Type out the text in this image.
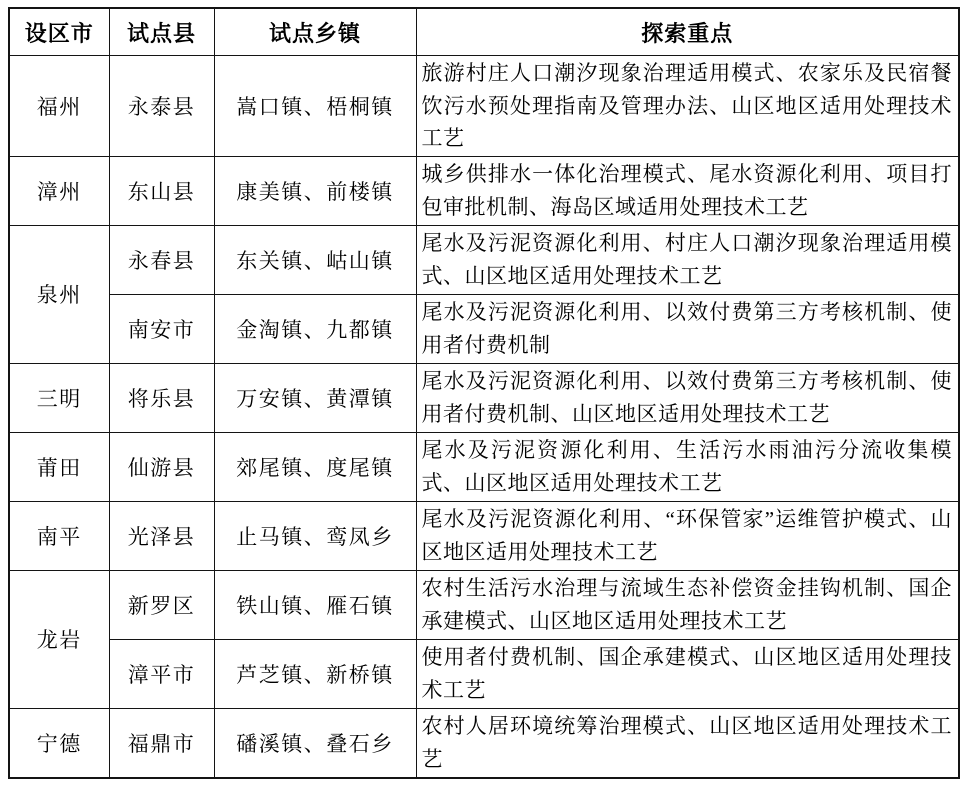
设区市	试点县	试点乡镇	探索重点
福州	永泰县	嵩口镇、梧桐镇	旅游村庄人口潮汐现象治理适用模式、农家乐及民宿餐饮污水预处理指南及管理办法、山区地区适用处理技术工艺
漳州	东山县	康美镇、前楼镇	城乡供排水一体化治理模式、尾水资源化利用、项目打包审批机制、海岛区域适用处理技术工艺
泉州	永春县	东关镇、岵山镇	尾水及污泥资源化利用、村庄人口潮汐现象治理适用模式、山区地区适用处理技术工艺
	南安市	金淘镇、九都镇	尾水及污泥资源化利用、以效付费第三方考核机制、使用者付费机制
三明	将乐县	万安镇、黄潭镇	尾水及污泥资源化利用、以效付费第三方考核机制、使用者付费机制、山区地区适用处理技术工艺
莆田	仙游县	郊尾镇、度尾镇	尾水及污泥资源化利用、生活污水雨油污分流收集模式、山区地区适用处理技术工艺
南平	光泽县	止马镇、鸾凤乡	尾水及污泥资源化利用、“环保管家”运维管护模式、山区地区适用处理技术工艺
龙岩	新罗区	铁山镇、雁石镇	农村生活污水治理与流域生态补偿资金挂钩机制、国企承建模式、山区地区适用处理技术工艺
	漳平市	芦芝镇、新桥镇	使用者付费机制、国企承建模式、山区地区适用处理技术工艺
宁德	福鼎市	磻溪镇、叠石乡	农村人居环境统筹治理模式、山区地区适用处理技术工艺
